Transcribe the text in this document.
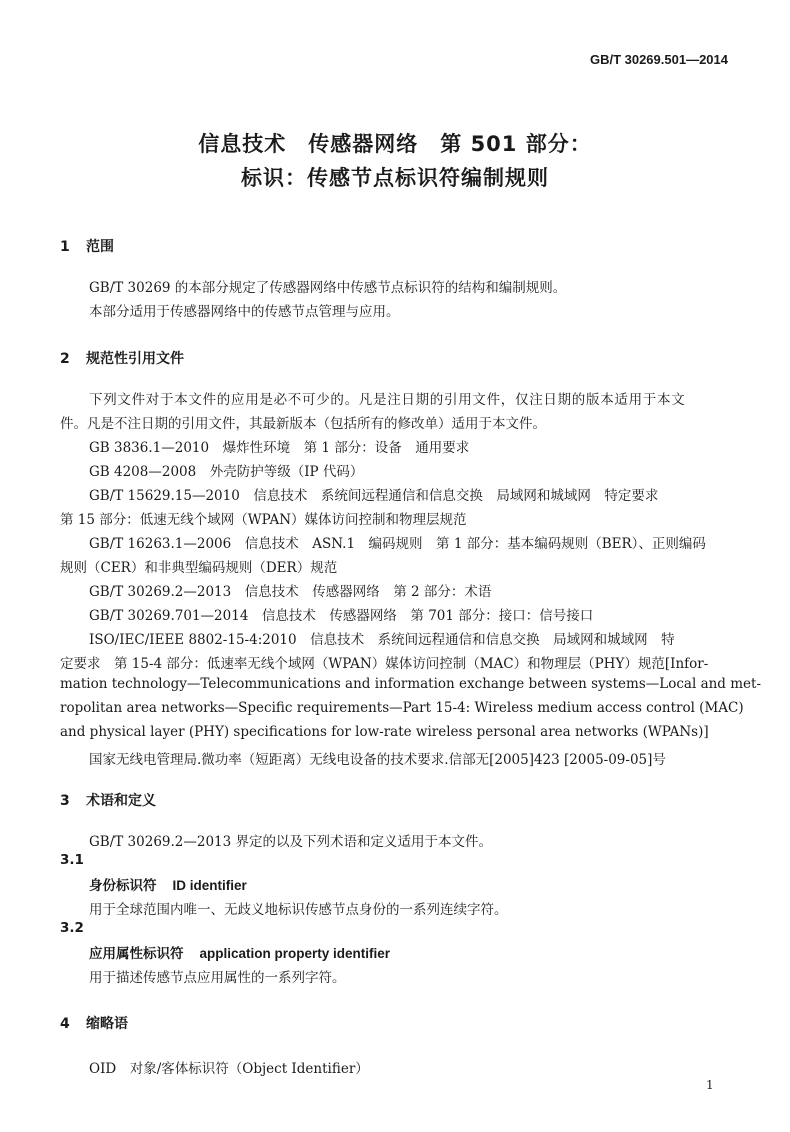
GB/T 30269.501—2014
信息技术　传感器网络　第 501 部分：
标识：传感节点标识符编制规则
1 范围
GB/T 30269 的本部分规定了传感器网络中传感节点标识符的结构和编制规则。
本部分适用于传感器网络中的传感节点管理与应用。
2 规范性引用文件
下列文件对于本文件的应用是必不可少的。凡是注日期的引用文件，仅注日期的版本适用于本文
件。凡是不注日期的引用文件，其最新版本（包括所有的修改单）适用于本文件。
GB 3836.1—2010　爆炸性环境　第 1 部分：设备　通用要求
GB 4208—2008　外壳防护等级（IP 代码）
GB/T 15629.15—2010　信息技术　系统间远程通信和信息交换　局域网和城域网　特定要求
第 15 部分：低速无线个域网（WPAN）媒体访问控制和物理层规范
GB/T 16263.1—2006　信息技术　ASN.1　编码规则　第 1 部分：基本编码规则（BER）、正则编码
规则（CER）和非典型编码规则（DER）规范
GB/T 30269.2—2013　信息技术　传感器网络　第 2 部分：术语
GB/T 30269.701—2014　信息技术　传感器网络　第 701 部分：接口：信号接口
ISO/IEC/IEEE 8802-15-4:2010　信息技术　系统间远程通信和信息交换　局域网和城域网　特
定要求　第 15-4 部分：低速率无线个域网（WPAN）媒体访问控制（MAC）和物理层（PHY）规范[Infor-
mation technology—Telecommunications and information exchange between systems—Local and met-
ropolitan area networks—Specific requirements—Part 15-4: Wireless medium access control (MAC)
and physical layer (PHY) specifications for low-rate wireless personal area networks (WPANs)]
国家无线电管理局.微功率（短距离）无线电设备的技术要求.信部无[2005]423 [2005-09-05]号
3 术语和定义
GB/T 30269.2—2013 界定的以及下列术语和定义适用于本文件。
3.1
身份标识符 ID identifier
用于全球范围内唯一、无歧义地标识传感节点身份的一系列连续字符。
3.2
应用属性标识符 application property identifier
用于描述传感节点应用属性的一系列字符。
4 缩略语
OID　对象/客体标识符（Object Identifier）
1
